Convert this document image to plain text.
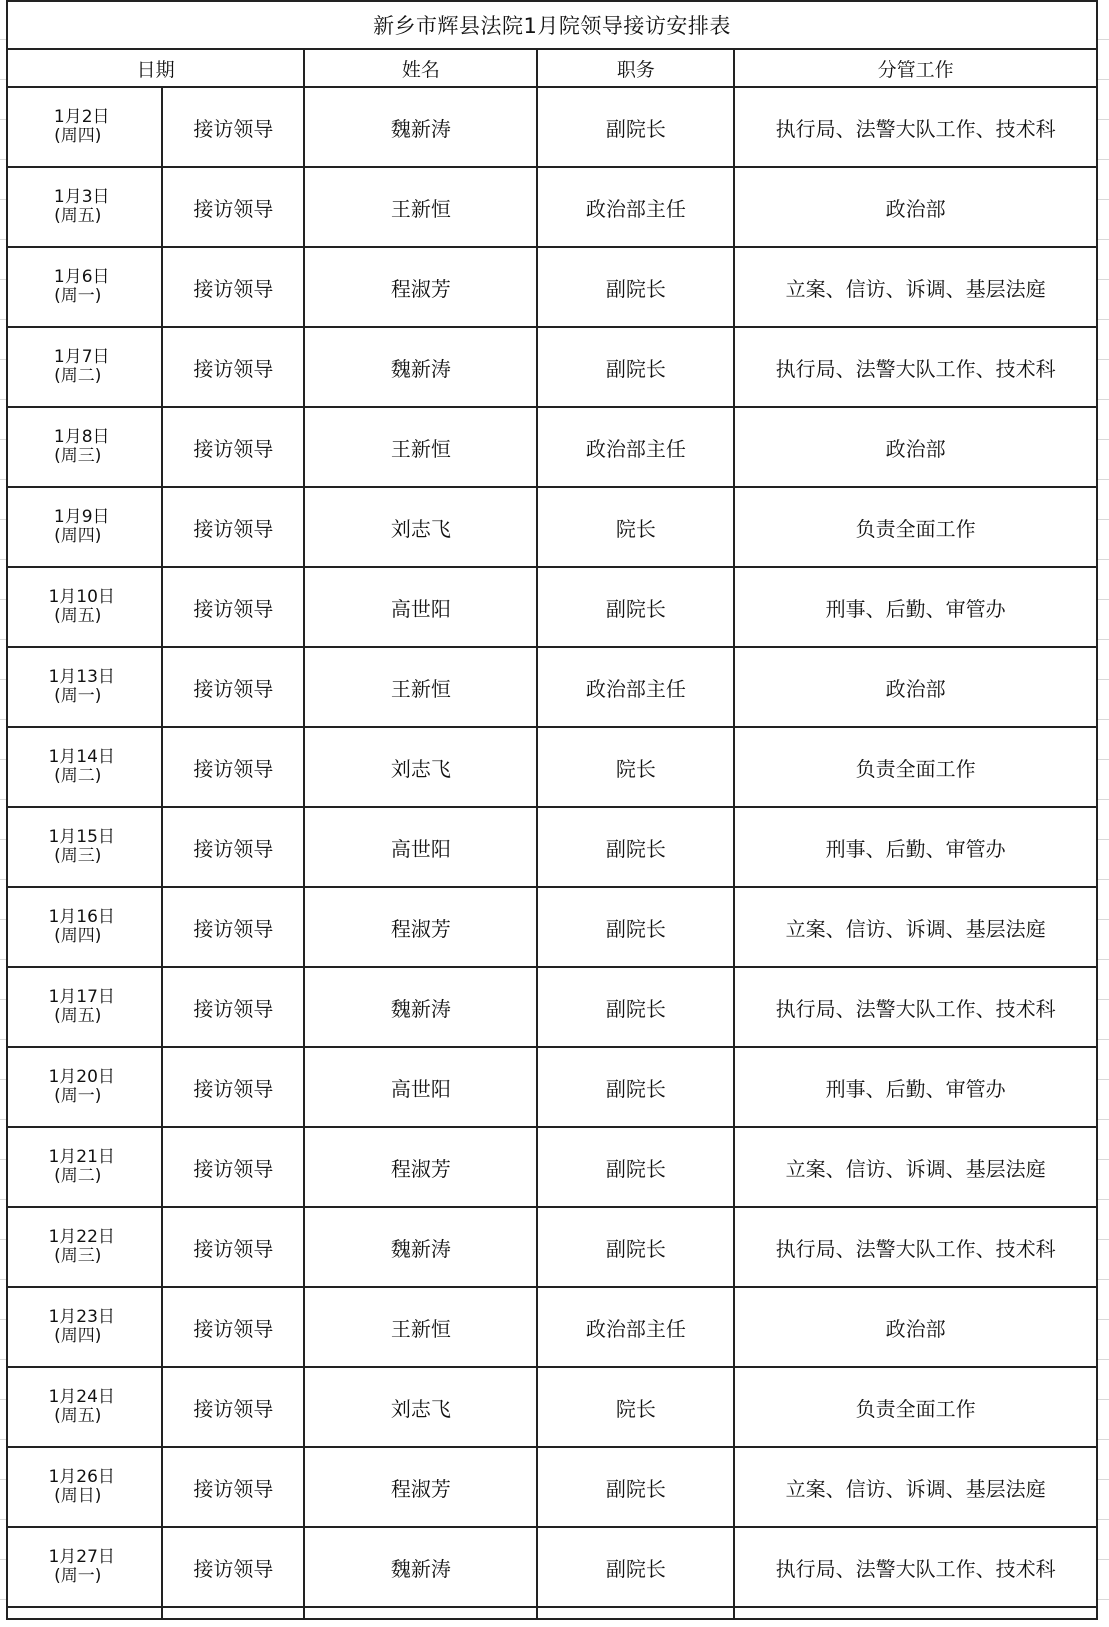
新乡市辉县法院1月院领导接访安排表				
日期		姓名	职务	分管工作

1月2日
(周四)	接访领导	魏新涛	副院长	执行局、法警大队工作、技术科

1月3日
(周五)	接访领导	王新恒	政治部主任	政治部

1月6日
(周一)	接访领导	程淑芳	副院长	立案、信访、诉调、基层法庭

1月7日
(周二)	接访领导	魏新涛	副院长	执行局、法警大队工作、技术科

1月8日
(周三)	接访领导	王新恒	政治部主任	政治部

1月9日
(周四)	接访领导	刘志飞	院长	负责全面工作

1月10日
(周五)	接访领导	高世阳	副院长	刑事、后勤、审管办

1月13日
(周一)	接访领导	王新恒	政治部主任	政治部

1月14日
(周二)	接访领导	刘志飞	院长	负责全面工作

1月15日
(周三)	接访领导	高世阳	副院长	刑事、后勤、审管办

1月16日
(周四)	接访领导	程淑芳	副院长	立案、信访、诉调、基层法庭

1月17日
(周五)	接访领导	魏新涛	副院长	执行局、法警大队工作、技术科

1月20日
(周一)	接访领导	高世阳	副院长	刑事、后勤、审管办

1月21日
(周二)	接访领导	程淑芳	副院长	立案、信访、诉调、基层法庭

1月22日
(周三)	接访领导	魏新涛	副院长	执行局、法警大队工作、技术科

1月23日
(周四)	接访领导	王新恒	政治部主任	政治部

1月24日
(周五)	接访领导	刘志飞	院长	负责全面工作

1月26日
(周日)	接访领导	程淑芳	副院长	立案、信访、诉调、基层法庭

1月27日
(周一)	接访领导	魏新涛	副院长	执行局、法警大队工作、技术科
